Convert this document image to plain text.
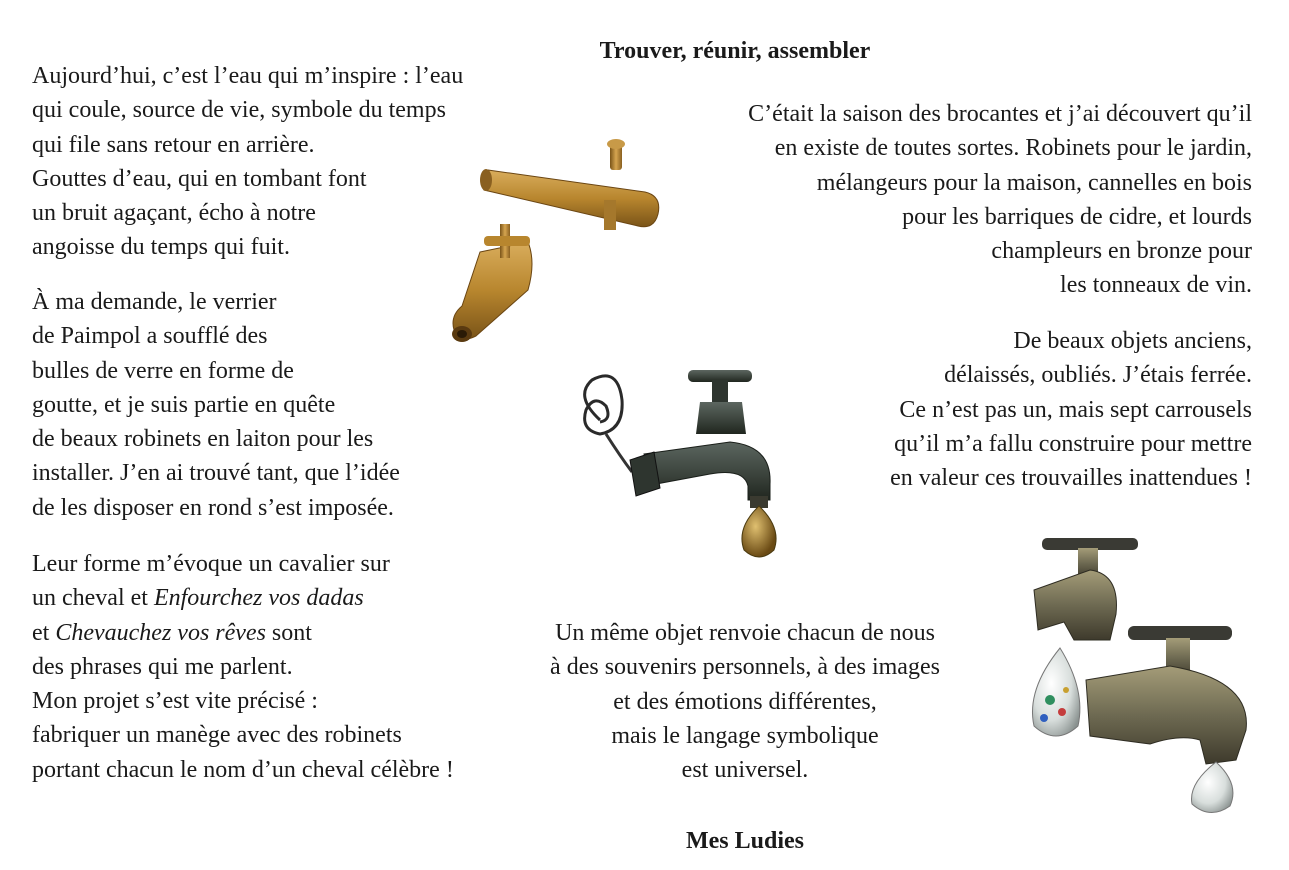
Trouver, réunir, assembler
Aujourd’hui, c’est l’eau qui m’inspire : l’eau
qui coule, source de vie, symbole du temps
qui file sans retour en arrière.
Gouttes d’eau, qui en tombant font
un bruit agaçant, écho à notre
angoisse du temps qui fuit.
À ma demande, le verrier
de Paimpol a soufflé des
bulles de verre en forme de
goutte, et je suis partie en quête
de beaux robinets en laiton pour les
installer. J’en ai trouvé tant, que l’idée
de les disposer en rond s’est imposée.
Leur forme m’évoque un cavalier sur
un cheval et Enfourchez vos dadas
et Chevauchez vos rêves sont
des phrases qui me parlent.
Mon projet s’est vite précisé :
fabriquer un manège avec des robinets
portant chacun le nom d’un cheval célèbre !
C’était la saison des brocantes et j’ai découvert qu’il
en existe de toutes sortes. Robinets pour le jardin,
mélangeurs pour la maison, cannelles en bois
pour les barriques de cidre, et lourds
champleurs en bronze pour
les tonneaux de vin.
De beaux objets anciens,
délaissés, oubliés. J’étais ferrée.
Ce n’est pas un, mais sept carrousels
qu’il m’a fallu construire pour mettre
en valeur ces trouvailles inattendues !
Un même objet renvoie chacun de nous
à des souvenirs personnels, à des images
et des émotions différentes,
mais le langage symbolique
est universel.
Mes Ludies
